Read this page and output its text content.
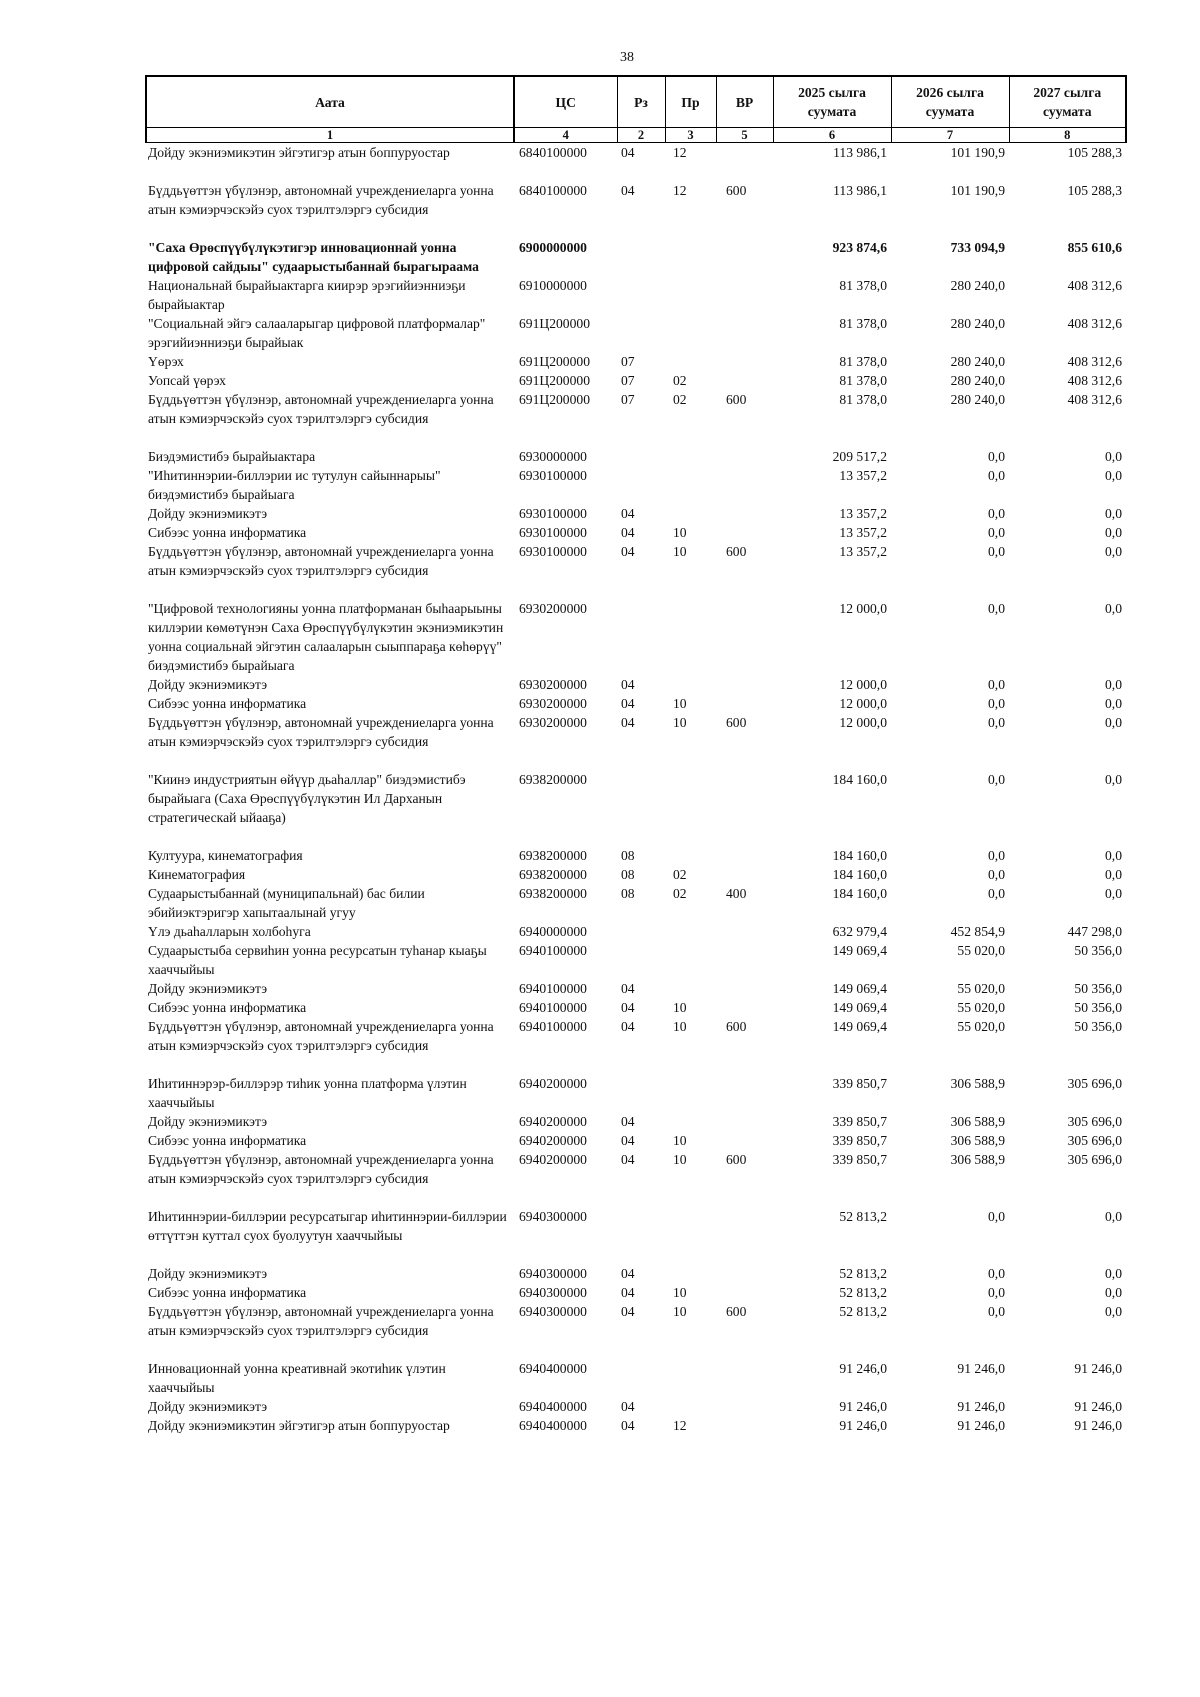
38
Аата	ЦС	Рз	Пр	ВР	2025 сылга суумата	2026 сылга суумата	2027 сылга суумата
1	4	2	3	5	6	7	8
Дойду экэниэмикэтин эйгэтигэр атын боппуруостар	6840100000	04	12		113 986,1	101 190,9	105 288,3

Бүддьүөттэн үбүлэнэр, автономнай учреждениеларга уонна атын кэмиэрчэскэйэ суох тэрилтэлэргэ субсидия	6840100000	04	12	600	113 986,1	101 190,9	105 288,3

"Саха Өрөспүүбүлүкэтигэр инновационнай уонна цифровой сайдыы" судаарыстыбаннай бырагыраама	6900000000				923 874,6	733 094,9	855 610,6
Национальнай бырайыактарга киирэр эрэгийиэнниэҕи бырайыактар	6910000000				81 378,0	280 240,0	408 312,6
"Социальнай эйгэ салааларыгар цифровой платформалар" эрэгийиэнниэҕи бырайыак	691Ц200000				81 378,0	280 240,0	408 312,6
Үөрэх	691Ц200000	07			81 378,0	280 240,0	408 312,6
Уопсай үөрэх	691Ц200000	07	02		81 378,0	280 240,0	408 312,6
Бүддьүөттэн үбүлэнэр, автономнай учреждениеларга уонна атын кэмиэрчэскэйэ суох тэрилтэлэргэ субсидия	691Ц200000	07	02	600	81 378,0	280 240,0	408 312,6

Биэдэмистибэ бырайыактара	6930000000				209 517,2	0,0	0,0
"Иһитиннэрии-биллэрии ис тутулун сайыннарыы" биэдэмистибэ бырайыага	6930100000				13 357,2	0,0	0,0
Дойду экэниэмикэтэ	6930100000	04			13 357,2	0,0	0,0
Сибээс уонна информатика	6930100000	04	10		13 357,2	0,0	0,0
Бүддьүөттэн үбүлэнэр, автономнай учреждениеларга уонна атын кэмиэрчэскэйэ суох тэрилтэлэргэ субсидия	6930100000	04	10	600	13 357,2	0,0	0,0

"Цифровой технологияны уонна платформанан быһаарыыны киллэрии көмөтүнэн Саха Өрөспүүбүлүкэтин экэниэмикэтин уонна социальнай эйгэтин салааларын сыыппараҕа көһөрүү" биэдэмистибэ бырайыага	6930200000				12 000,0	0,0	0,0
Дойду экэниэмикэтэ	6930200000	04			12 000,0	0,0	0,0
Сибээс уонна информатика	6930200000	04	10		12 000,0	0,0	0,0
Бүддьүөттэн үбүлэнэр, автономнай учреждениеларга уонна атын кэмиэрчэскэйэ суох тэрилтэлэргэ субсидия	6930200000	04	10	600	12 000,0	0,0	0,0

"Киинэ индустриятын өйүүр дьаһаллар" биэдэмистибэ бырайыага (Саха Өрөспүүбүлүкэтин Ил Дарханын стратегическай ыйааҕа)	6938200000				184 160,0	0,0	0,0

Култуура, кинематография	6938200000	08			184 160,0	0,0	0,0
Кинематография	6938200000	08	02		184 160,0	0,0	0,0
Судаарыстыбаннай (муниципальнай) бас билии эбийиэктэригэр хапытаалынай угуу	6938200000	08	02	400	184 160,0	0,0	0,0
Үлэ дьаһалларын холбоһуга	6940000000				632 979,4	452 854,9	447 298,0
Судаарыстыба сервиһин уонна ресурсатын туһанар кыаҕы хааччыйыы	6940100000				149 069,4	55 020,0	50 356,0
Дойду экэниэмикэтэ	6940100000	04			149 069,4	55 020,0	50 356,0
Сибээс уонна информатика	6940100000	04	10		149 069,4	55 020,0	50 356,0
Бүддьүөттэн үбүлэнэр, автономнай учреждениеларга уонна атын кэмиэрчэскэйэ суох тэрилтэлэргэ субсидия	6940100000	04	10	600	149 069,4	55 020,0	50 356,0

Иһитиннэрэр-биллэрэр тиһик уонна платформа үлэтин хааччыйыы	6940200000				339 850,7	306 588,9	305 696,0
Дойду экэниэмикэтэ	6940200000	04			339 850,7	306 588,9	305 696,0
Сибээс уонна информатика	6940200000	04	10		339 850,7	306 588,9	305 696,0
Бүддьүөттэн үбүлэнэр, автономнай учреждениеларга уонна атын кэмиэрчэскэйэ суох тэрилтэлэргэ субсидия	6940200000	04	10	600	339 850,7	306 588,9	305 696,0

Иһитиннэрии-биллэрии ресурсатыгар иһитиннэрии-биллэрии өттүттэн куттал суох буолуутун хааччыйыы	6940300000				52 813,2	0,0	0,0

Дойду экэниэмикэтэ	6940300000	04			52 813,2	0,0	0,0
Сибээс уонна информатика	6940300000	04	10		52 813,2	0,0	0,0
Бүддьүөттэн үбүлэнэр, автономнай учреждениеларга уонна атын кэмиэрчэскэйэ суох тэрилтэлэргэ субсидия	6940300000	04	10	600	52 813,2	0,0	0,0

Инновационнай уонна креативнай экотиһик үлэтин хааччыйыы	6940400000				91 246,0	91 246,0	91 246,0
Дойду экэниэмикэтэ	6940400000	04			91 246,0	91 246,0	91 246,0
Дойду экэниэмикэтин эйгэтигэр атын боппуруостар	6940400000	04	12		91 246,0	91 246,0	91 246,0
